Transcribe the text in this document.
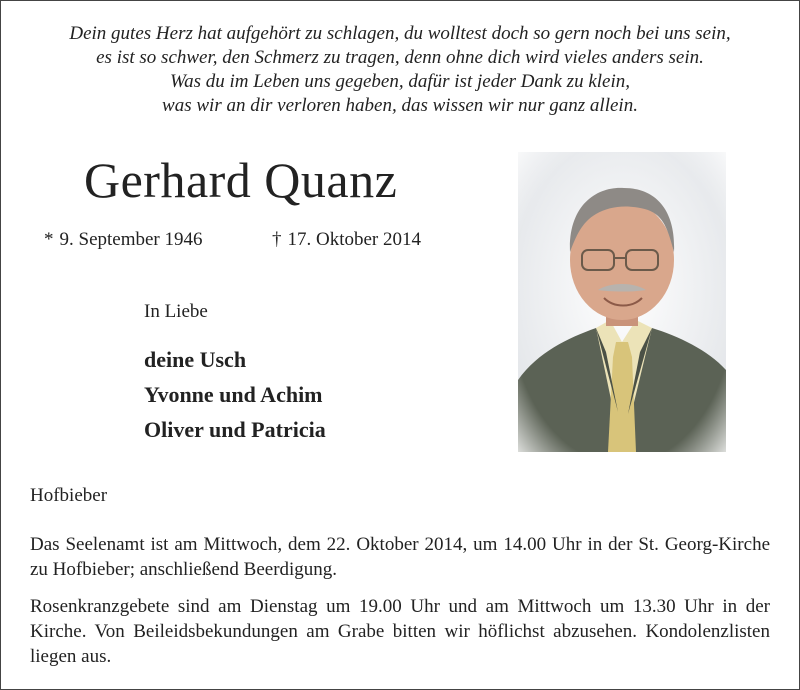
Dein gutes Herz hat aufgehört zu schlagen, du wolltest doch so gern noch bei uns sein,
es ist so schwer, den Schmerz zu tragen, denn ohne dich wird vieles anders sein.
Was du im Leben uns gegeben, dafür ist jeder Dank zu klein,
was wir an dir verloren haben, das wissen wir nur ganz allein.
Gerhard Quanz
* 9. September 1946	† 17. Oktober 2014
In Liebe
deine Usch
Yvonne und Achim
Oliver und Patricia
Hofbieber
Das Seelenamt ist am Mittwoch, dem 22. Oktober 2014, um 14.00 Uhr in der St. Georg-Kirche zu Hofbieber; anschließend Beerdigung.
Rosenkranzgebete sind am Dienstag um 19.00 Uhr und am Mittwoch um 13.30 Uhr in der Kirche. Von Beileidsbekundungen am Grabe bitten wir höflichst abzusehen. Kondolenzlisten liegen aus.
